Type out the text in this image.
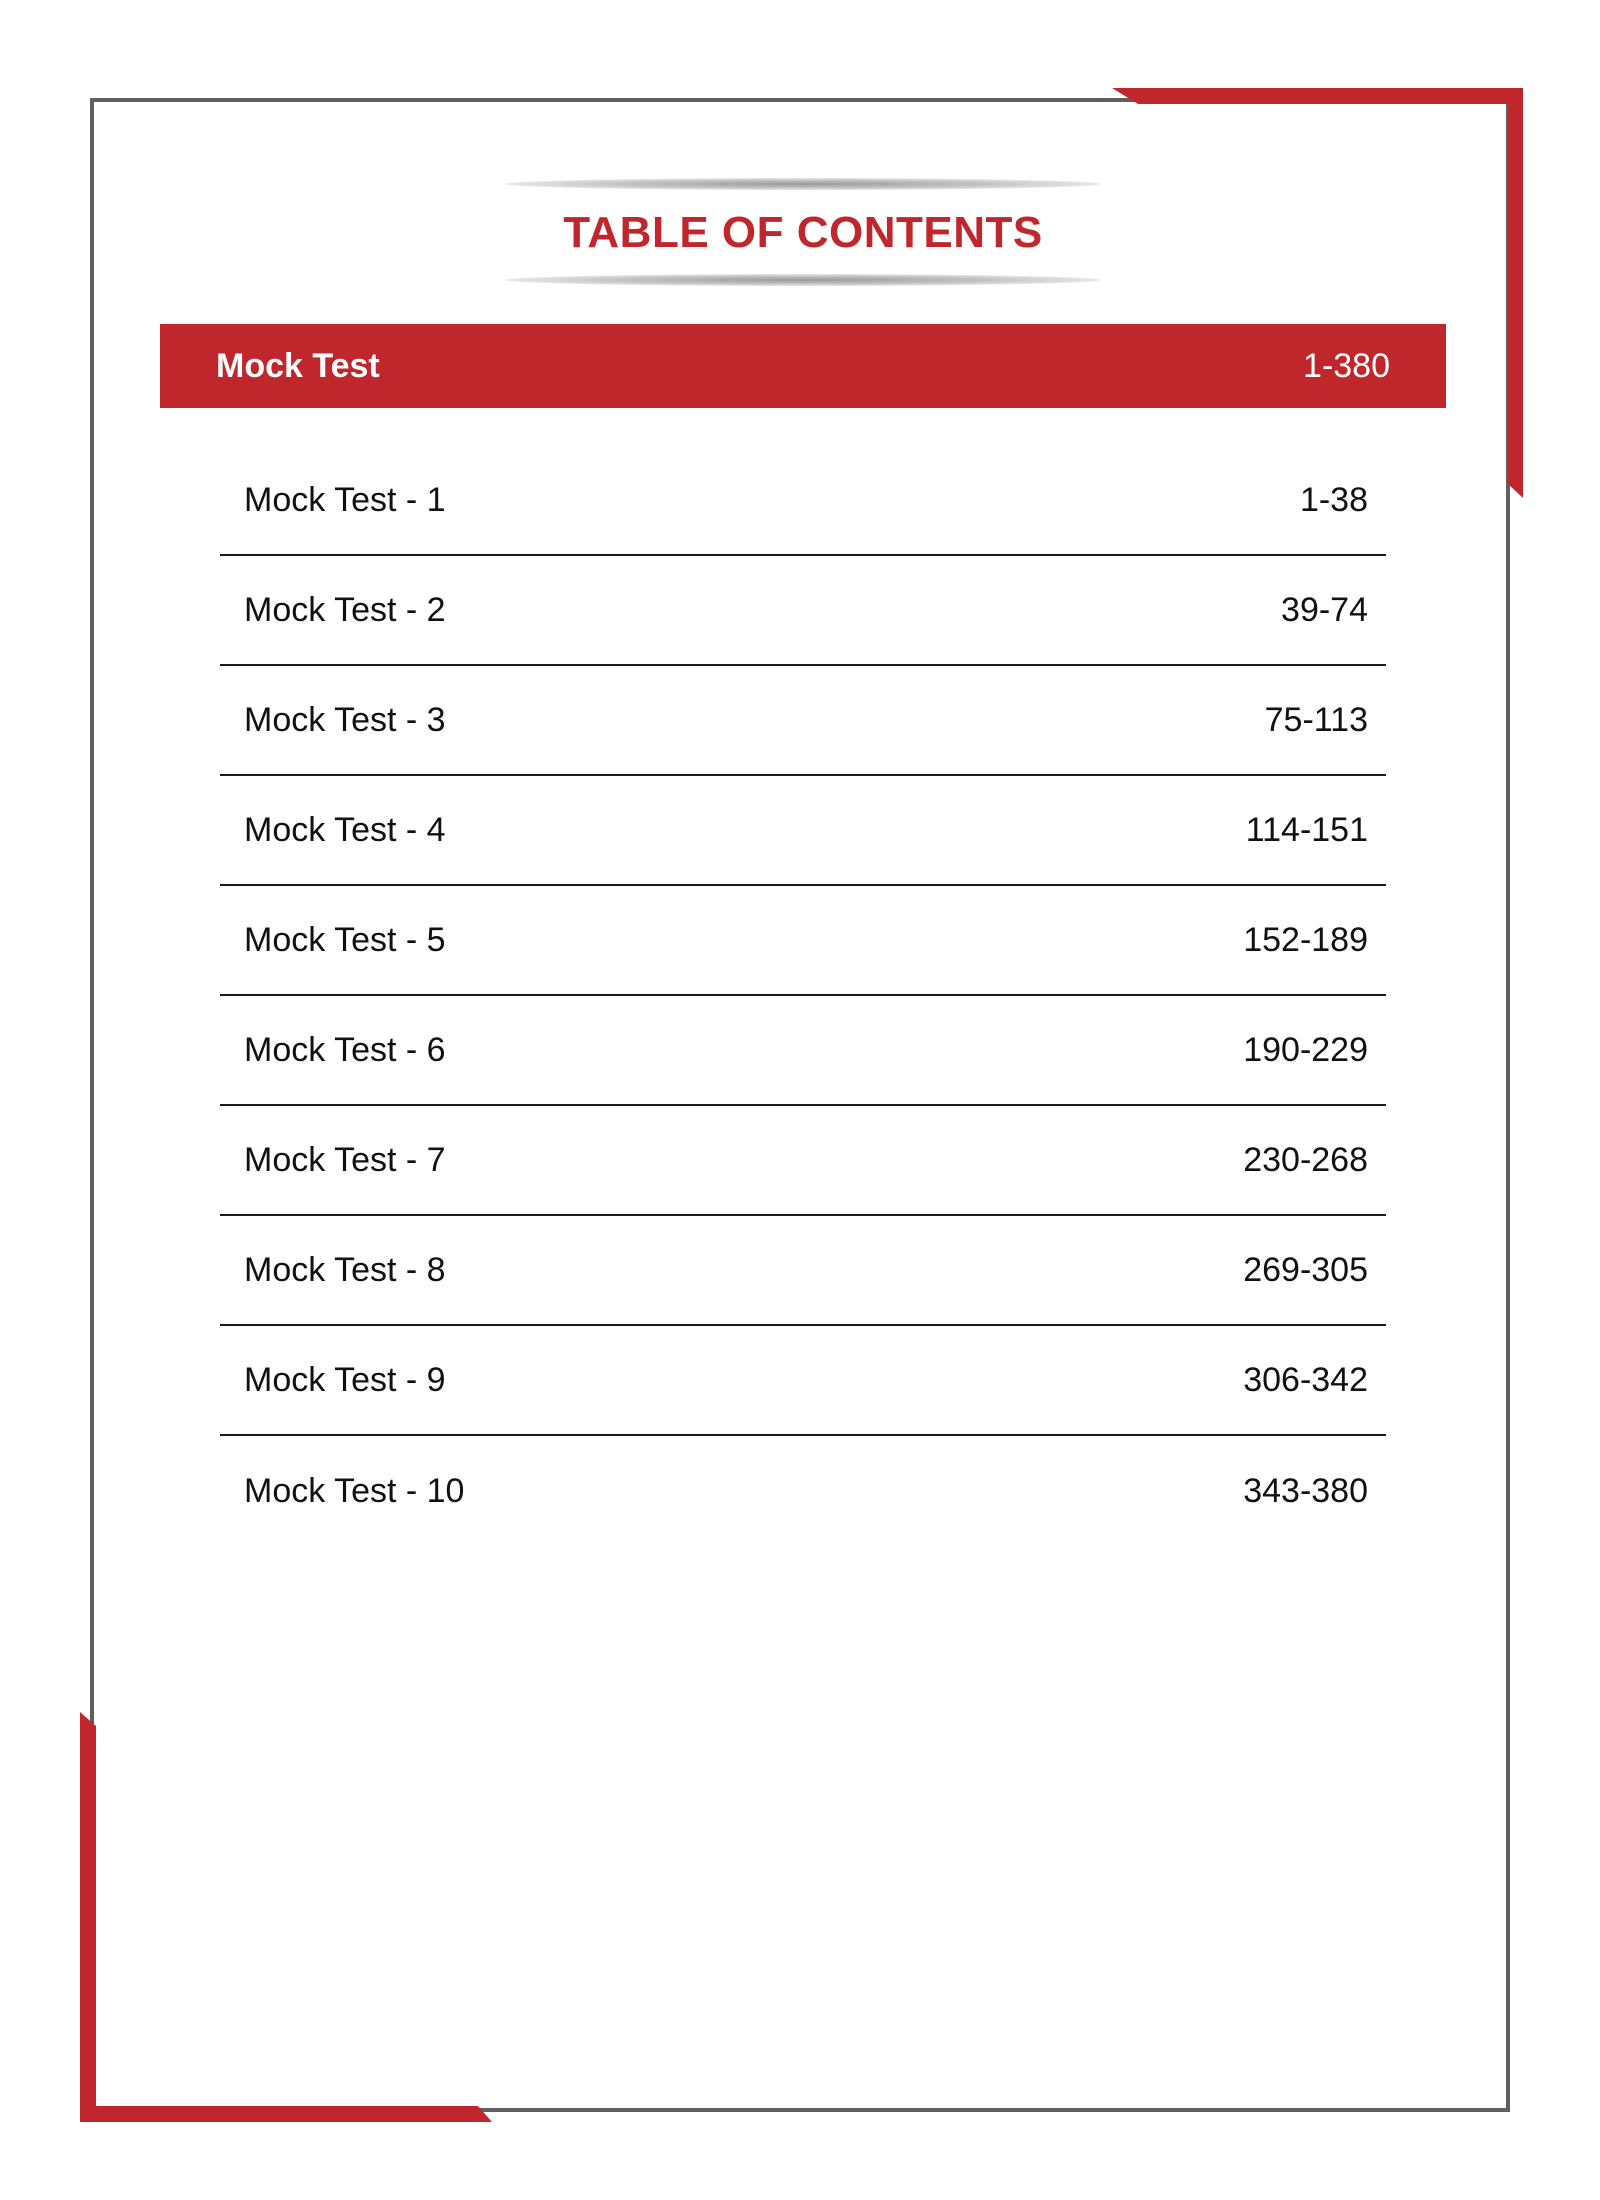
TABLE OF CONTENTS
Mock Test	1-380
Mock Test - 1	1-38
Mock Test - 2	39-74
Mock Test - 3	75-113
Mock Test - 4	114-151
Mock Test - 5	152-189
Mock Test - 6	190-229
Mock Test - 7	230-268
Mock Test - 8	269-305
Mock Test - 9	306-342
Mock Test - 10	343-380
